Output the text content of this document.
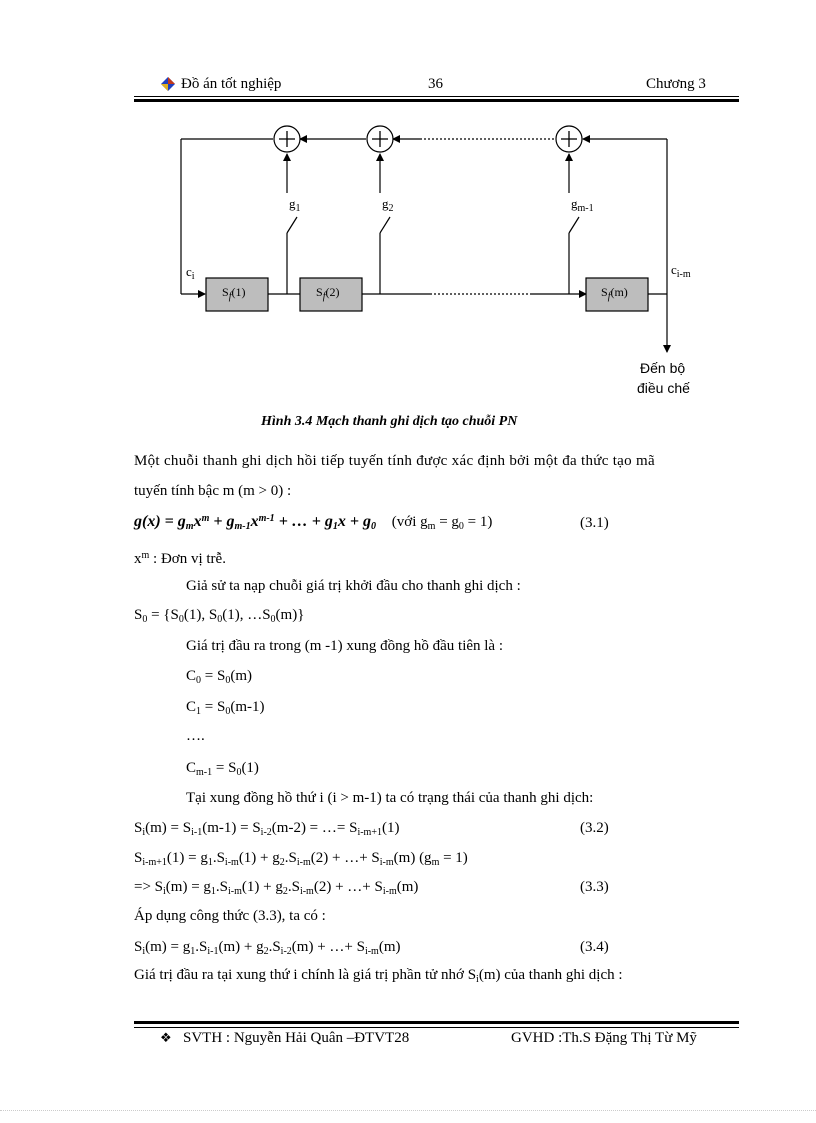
Đồ án tốt nghiệp	36	Chương 3
$g_1$	$g_2$	$g_{m-1}$
$c_i$	$c_{i-m}$
$S_f(1)$	$S_f(2)$	$S_f(m)$
Đến bộ
điều chế
Hình 3.4 Mạch thanh ghi dịch tạo chuỗi PN
Một chuỗi thanh ghi dịch hồi tiếp tuyến tính được xác định bởi một đa thức tạo mã
tuyến tính bậc m (m > 0) :
$g(x) = g_mx^m + g_{m-1}x^{m-1}$ + … + $g_1x + g_0$ (với $g_m = g_0 = 1$)	(3.1)
$x^m$ : Đơn vị trễ.
Giả sử ta nạp chuỗi giá trị khởi đầu cho thanh ghi dịch :
$S_0 = \{S_0(1)$, $S_0(1)$, $\dots S_0(m)$}
Giá trị đầu ra trong (m -1) xung đồng hồ đầu tiên là :
$C_0 = S_0(m)$
$C_1 = S_0(m-1)$
….
$C_{m-1} = S_0(1)$
Tại xung đồng hồ thứ i (i > m-1) ta có trạng thái của thanh ghi dịch:
$S_i(m) = S_{i-1}(m-1) = S_{i-2}(m-2)$ = …= $S_{i-m+1}(1)$	(3.2)
$S_{i-m+1}(1) = g_1.S_{i-m}(1) + g_2.S_{i-m}(2)$ + …+ $S_{i-m}(m) (g_m = 1)$
=> $S_i(m) = g_1.S_{i-m}(1) + g_2.S_{i-m}(2)$ + …+ $S_{i-m}(m)$	(3.3)
Áp dụng công thức (3.3), ta có :
$S_i(m) = g_1.S_{i-1}(m) + g_2.S_{i-2}(m)$ + …+ $S_{i-m}(m)$	(3.4)
Giá trị đầu ra tại xung thứ i chính là giá trị phần tử nhớ $S_i(m)$ của thanh ghi dịch :
❖ SVTH : Nguyễn Hải Quân –ĐTVT28	GVHD :Th.S Đặng Thị Từ Mỹ
